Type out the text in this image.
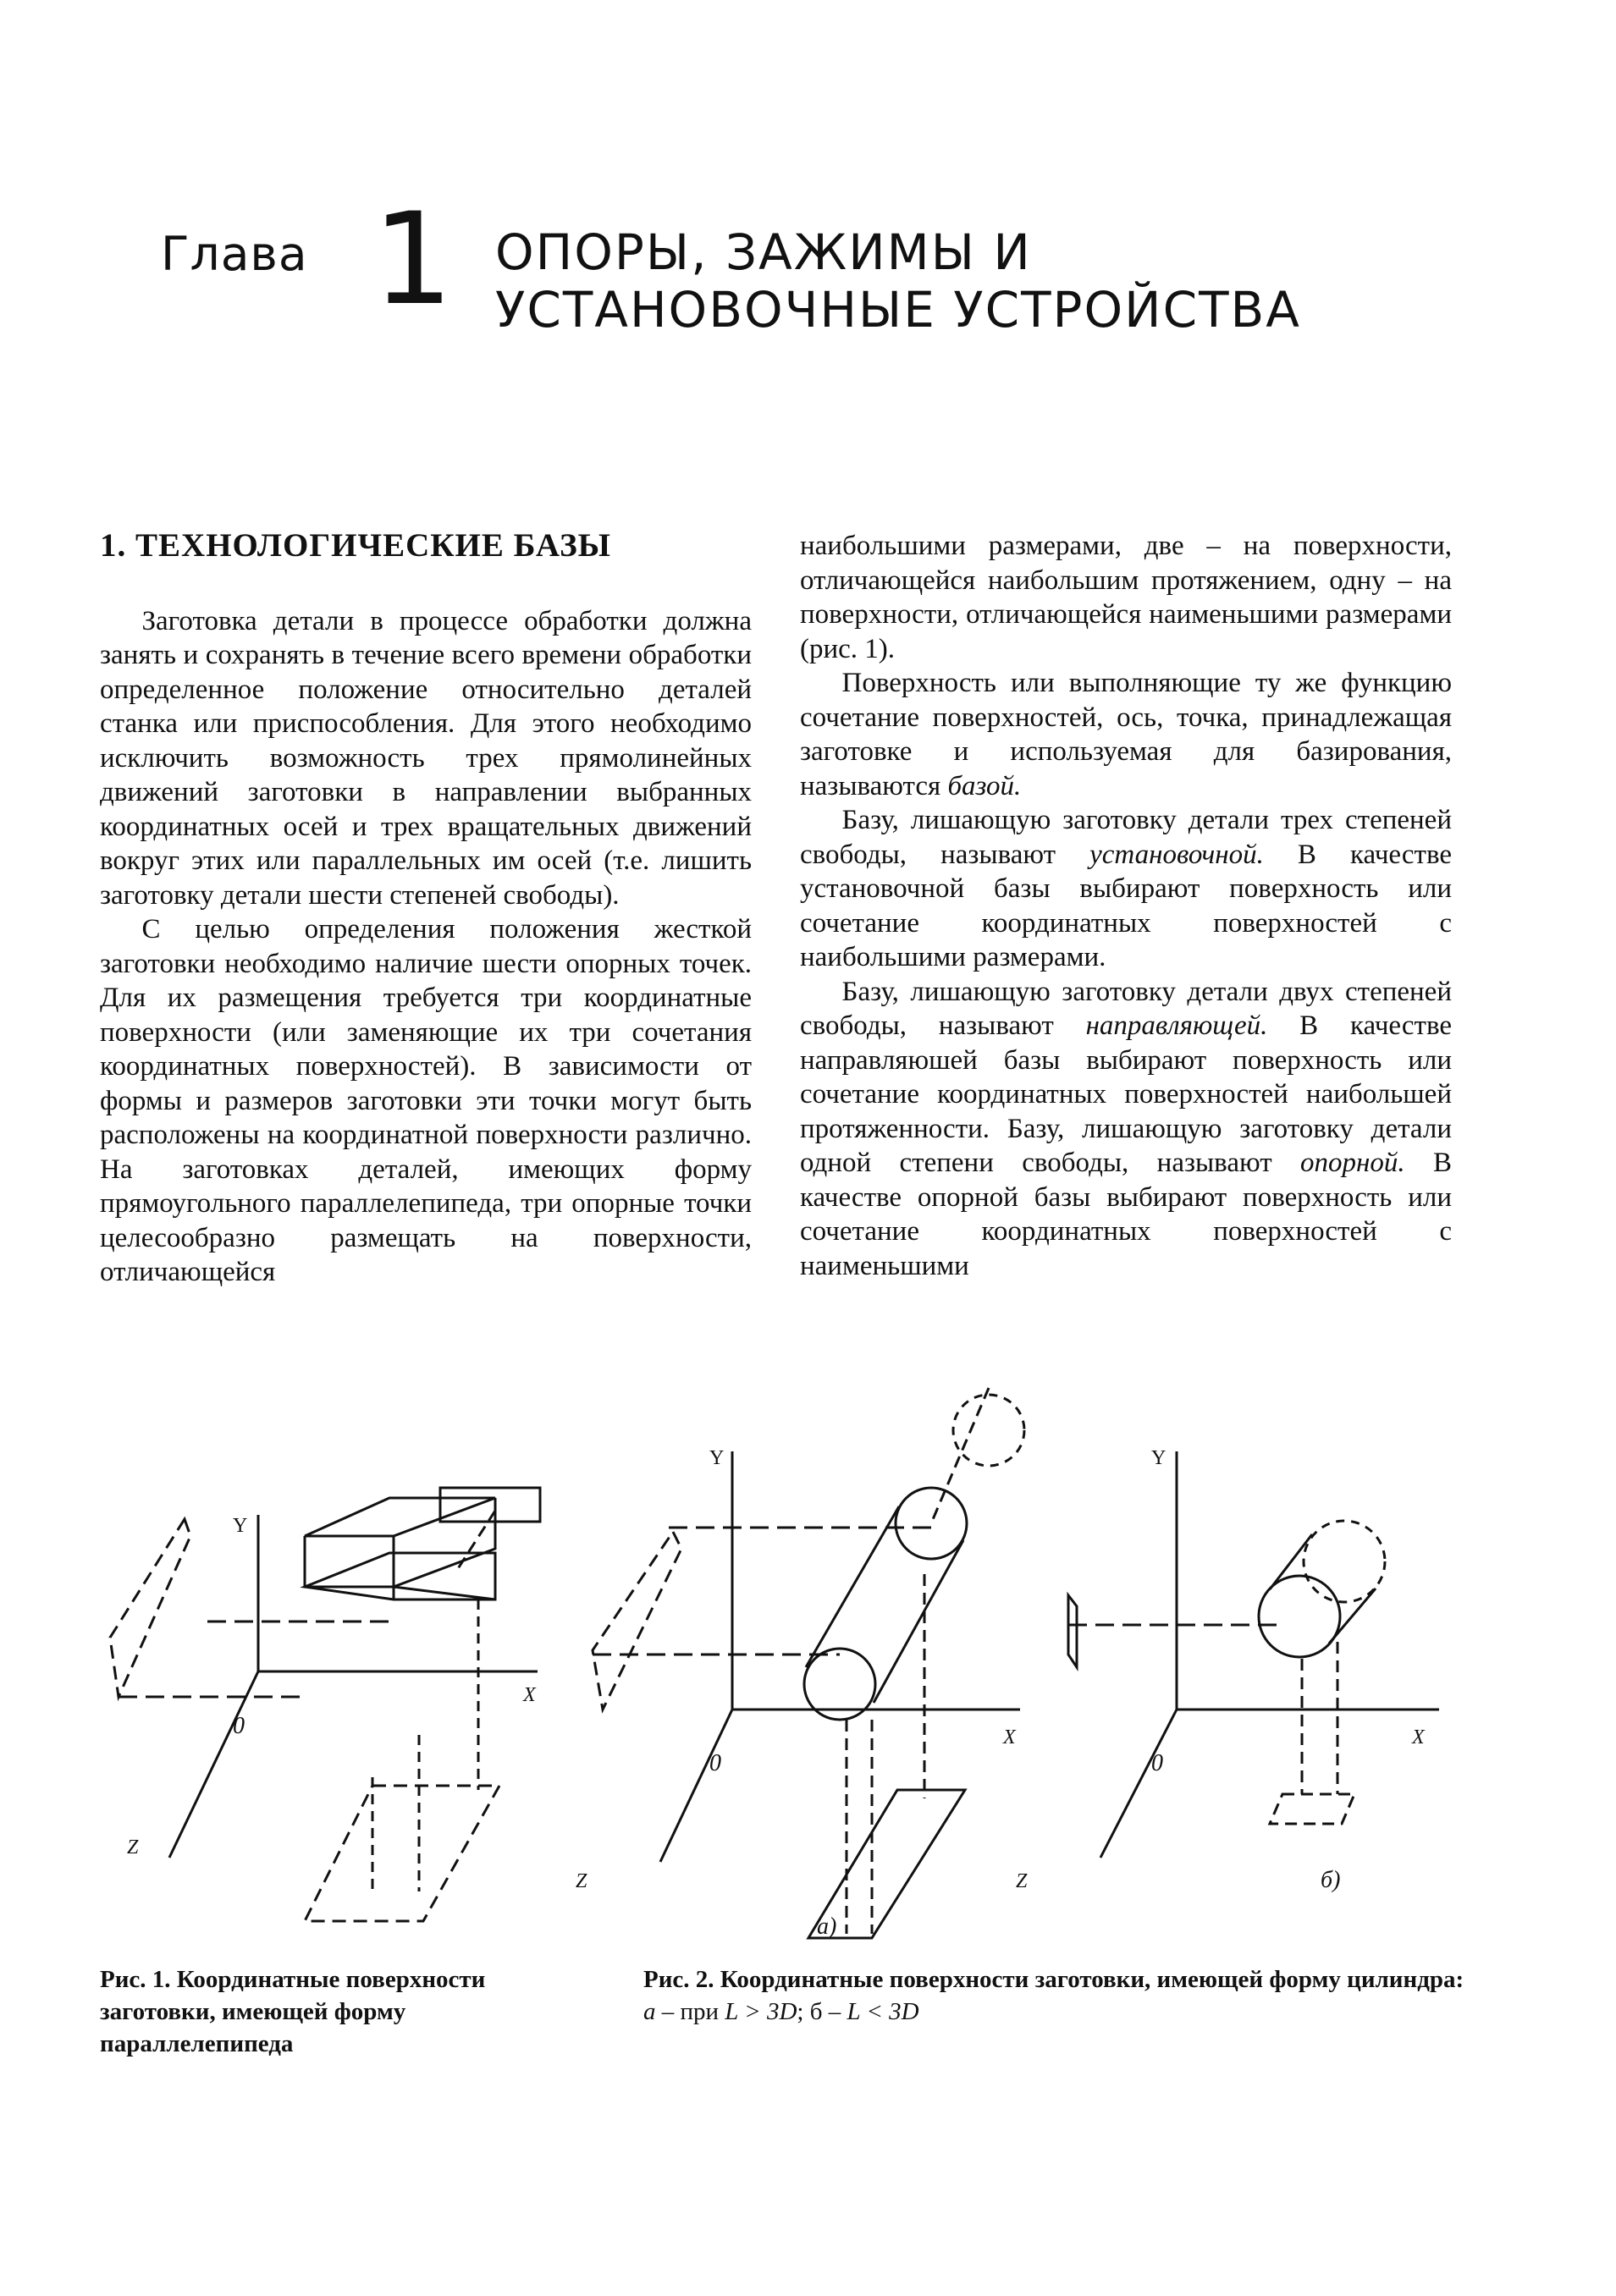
Глава 1 ОПОРЫ, ЗАЖИМЫ И
УСТАНОВОЧНЫЕ УСТРОЙСТВА
1. ТЕХНОЛОГИЧЕСКИЕ БАЗЫ

Заготовка детали в процессе обработки должна занять и сохранять в течение всего времени обработки определенное положение относительно деталей станка или приспособления. Для этого необходимо исключить возможность трех прямолинейных движений заготовки в направлении выбранных координатных осей и трех вращательных движений вокруг этих или параллельных им осей (т.е. лишить заготовку детали шести степеней свободы).

С целью определения положения жесткой заготовки необходимо наличие шести опорных точек. Для их размещения требуется три координатные поверхности (или заменяющие их три сочетания координатных поверхностей). В зависимости от формы и размеров заготовки эти точки могут быть расположены на координатной поверхности различно. На заготовках деталей, имеющих форму прямоугольного параллелепипеда, три опорные точки целесообразно размещать на поверхности, отличающейся

наибольшими размерами, две – на поверхности, отличающейся наибольшим протяжением, одну – на поверхности, отличающейся наименьшими размерами (рис. 1).

Поверхность или выполняющие ту же функцию сочетание поверхностей, ось, точка, принадлежащая заготовке и используемая для базирования, называются базой.

Базу, лишающую заготовку детали трех степеней свободы, называют установочной. В качестве установочной базы выбирают поверхность или сочетание координатных поверхностей с наибольшими размерами.

Базу, лишающую заготовку детали двух степеней свободы, называют направляющей. В качестве направляюшей базы выбирают поверхность или сочетание координатных поверхностей наибольшей протяженности. Базу, лишающую заготовку детали одной степени свободы, называют опорной. В качестве опорной базы выбирают поверхность или сочетание координатных поверхностей с наименьшими

0
X
Y
Z
0
X
Y
Z
а)
0
X
Y
Z	б)
Рис. 1. Координатные поверхности заготовки, имеющей форму параллелепипеда
Рис. 2. Координатные поверхности заготовки, имеющей форму цилиндра:
а – при L > 3D; б – L < 3D
